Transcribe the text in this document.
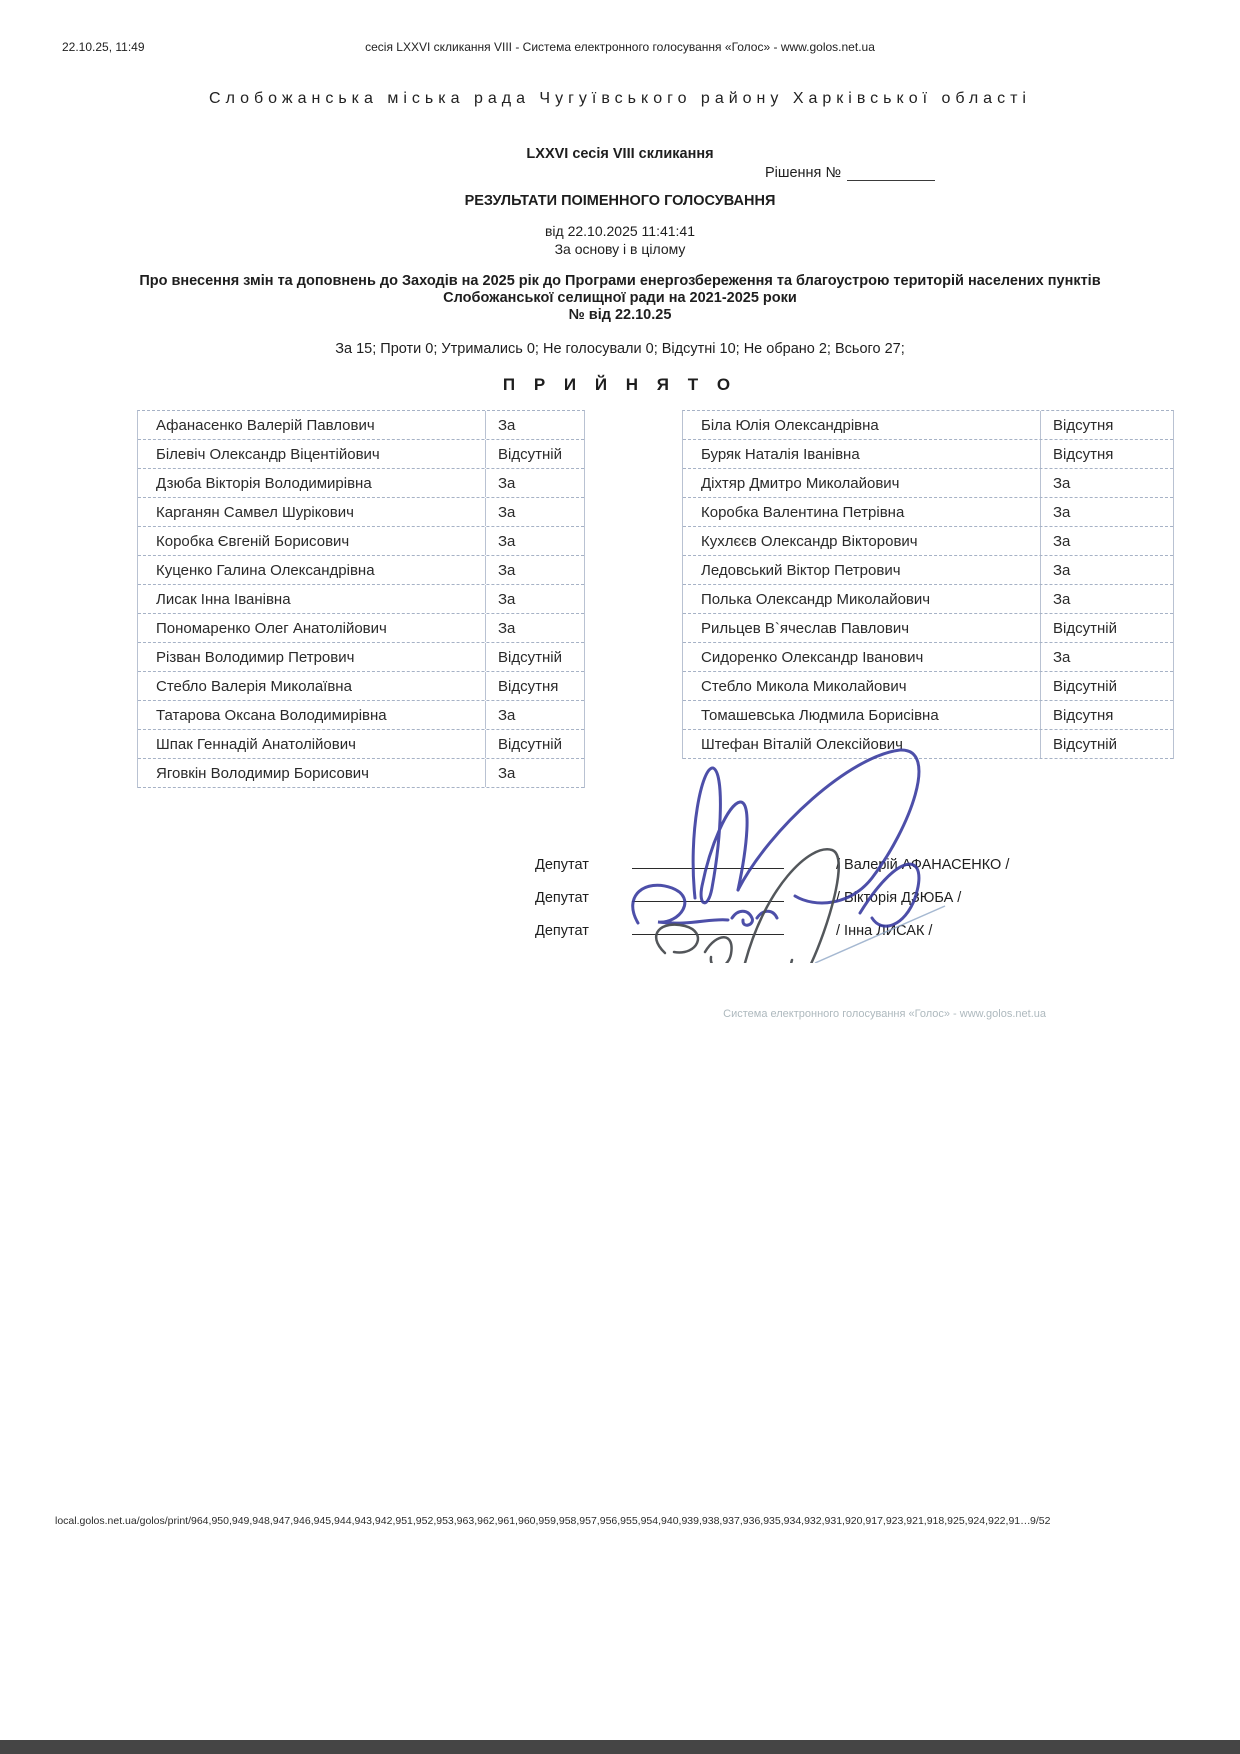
22.10.25, 11:49	сесія LXXVI скликання VIII - Система електронного голосування «Голос» - www.golos.net.ua
Слобожанська міська рада Чугуївського району Харківської області
LXXVI сесія VIII скликання
Рішення №
РЕЗУЛЬТАТИ ПОІМЕННОГО ГОЛОСУВАННЯ
від 22.10.2025 11:41:41
За основу і в цілому
Про внесення змін та доповнень до Заходів на 2025 рік до Програми енергозбереження та благоустрою територій населених пунктів Слобожанської селищної ради на 2021-2025 роки
№ від 22.10.25
За 15; Проти 0; Утримались 0; Не голосували 0; Відсутні 10; Не обрано 2; Всього 27;
П Р И Й Н Я Т О
Афанасенко Валерій Павлович	За
Білевіч Олександр Віцентійович	Відсутній
Дзюба Вікторія Володимирівна	За
Карганян Самвел Шурікович	За
Коробка Євгеній Борисович	За
Куценко Галина Олександрівна	За
Лисак Інна Іванівна	За
Пономаренко Олег Анатолійович	За
Різван Володимир Петрович	Відсутній
Стебло Валерія Миколаївна	Відсутня
Татарова Оксана Володимирівна	За
Шпак Геннадій Анатолійович	Відсутній
Яговкін Володимир Борисович	За
Біла Юлія Олександрівна	Відсутня
Буряк Наталія Іванівна	Відсутня
Діхтяр Дмитро Миколайович	За
Коробка Валентина Петрівна	За
Кухлєєв Олександр Вікторович	За
Ледовський Віктор Петрович	За
Полька Олександр Миколайович	За
Рильцев В`ячеслав Павлович	Відсутній
Сидоренко Олександр Іванович	За
Стебло Микола Миколайович	Відсутній
Томашевська Людмила Борисівна	Відсутня
Штефан Віталій Олексійович	Відсутній
Депутат	/ Валерій АФАНАСЕНКО /
Депутат	/ Вікторія ДЗЮБА /
Депутат	/ Інна ЛИСАК /
Система електронного голосування «Голос» - www.golos.net.ua
local.golos.net.ua/golos/print/964,950,949,948,947,946,945,944,943,942,951,952,953,963,962,961,960,959,958,957,956,955,954,940,939,938,937,936,935,934,932,931,920,917,923,921,918,925,924,922,91… 9/52
